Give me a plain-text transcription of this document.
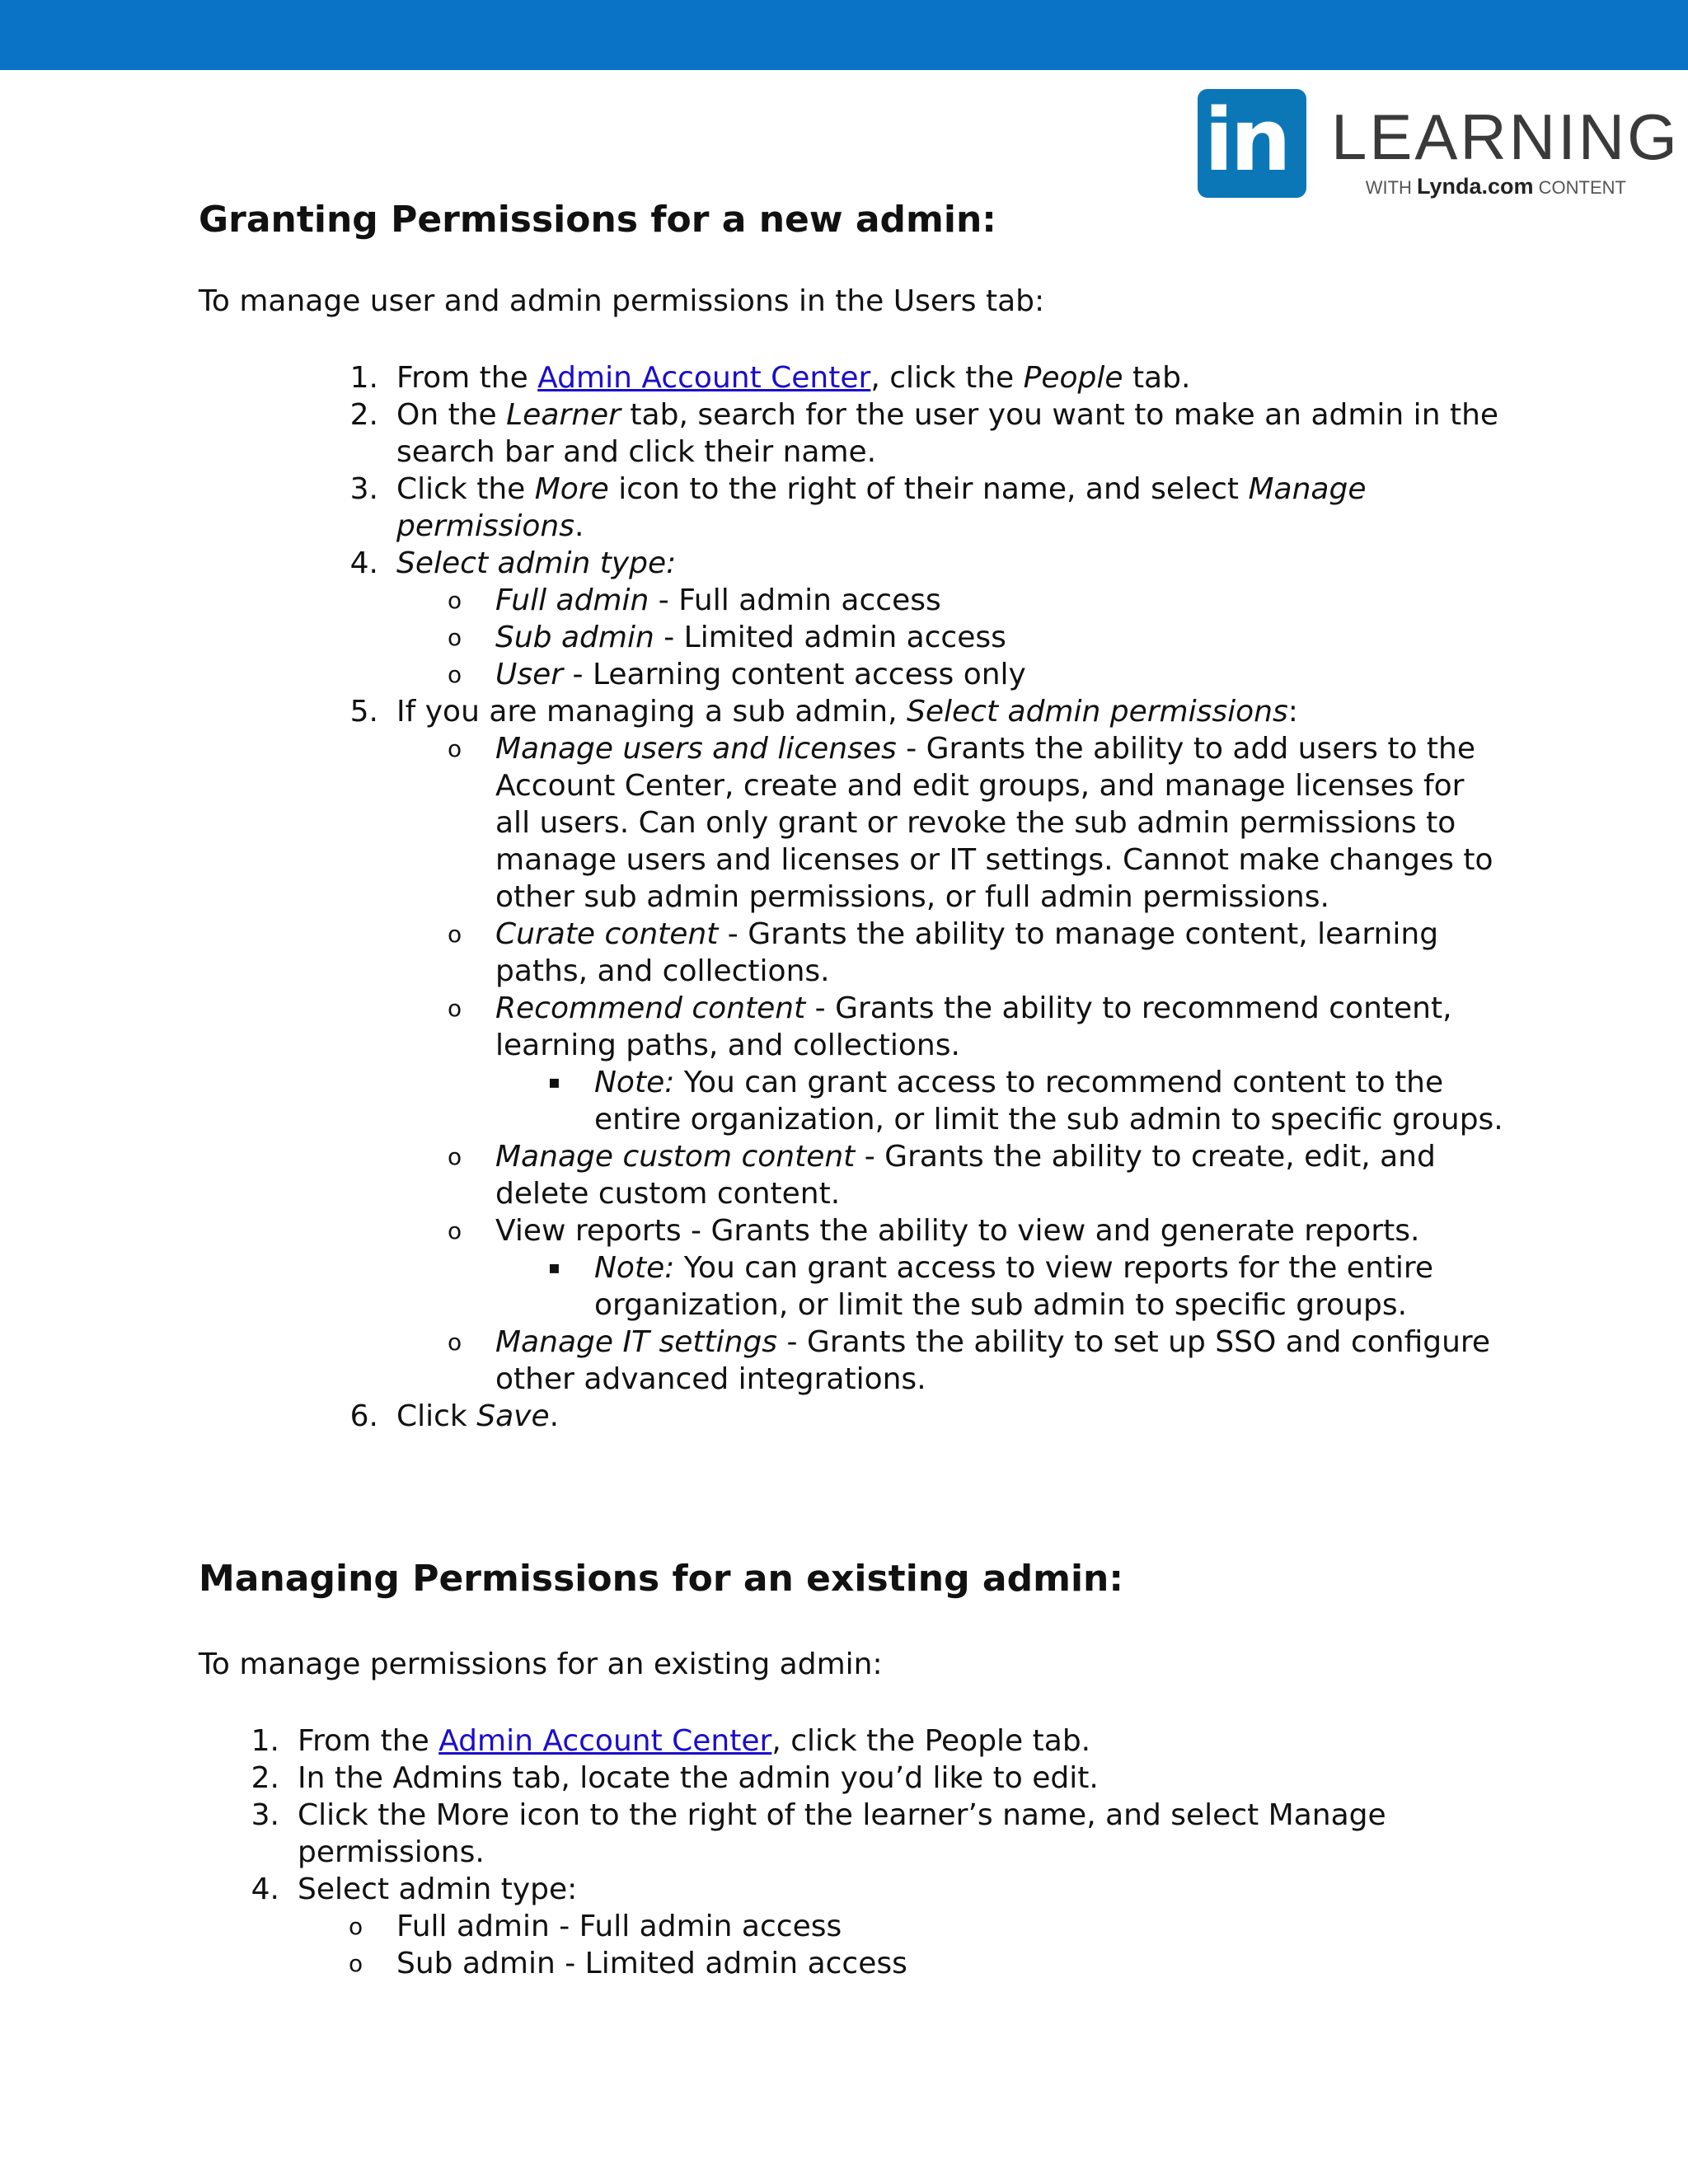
in LEARNING
WITH Lynda.com CONTENT
Granting Permissions for a new admin:

To manage user and admin permissions in the Users tab:

1. From the Admin Account Center, click the People tab.
2. On the Learner tab, search for the user you want to make an admin in the
search bar and click their name.
3. Click the More icon to the right of their name, and select Manage
permissions.
4. Select admin type:
o Full admin - Full admin access
o Sub admin - Limited admin access
o User - Learning content access only
5. If you are managing a sub admin, Select admin permissions:
o Manage users and licenses - Grants the ability to add users to the
Account Center, create and edit groups, and manage licenses for
all users. Can only grant or revoke the sub admin permissions to
manage users and licenses or IT settings. Cannot make changes to
other sub admin permissions, or full admin permissions.
o Curate content - Grants the ability to manage content, learning
paths, and collections.
o Recommend content - Grants the ability to recommend content,
learning paths, and collections.
▪ Note: You can grant access to recommend content to the
entire organization, or limit the sub admin to specific groups.
o Manage custom content - Grants the ability to create, edit, and
delete custom content.
o View reports - Grants the ability to view and generate reports.
▪ Note: You can grant access to view reports for the entire
organization, or limit the sub admin to specific groups.
o Manage IT settings - Grants the ability to set up SSO and configure
other advanced integrations.
6. Click Save.
Managing Permissions for an existing admin:

To manage permissions for an existing admin:

1. From the Admin Account Center, click the People tab.
2. In the Admins tab, locate the admin you’d like to edit.
3. Click the More icon to the right of the learner’s name, and select Manage
permissions.
4. Select admin type:
o Full admin - Full admin access
o Sub admin - Limited admin access
